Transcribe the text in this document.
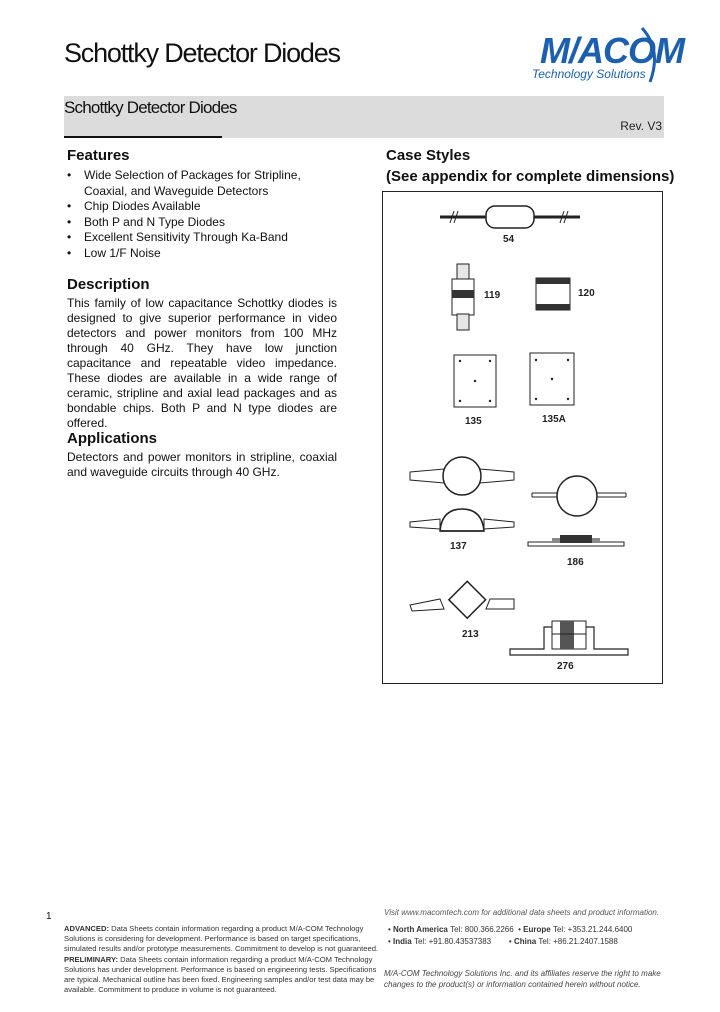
Schottky Detector Diodes	M/ACOM
Technology Solutions
Schottky Detector Diodes
Rev. V3
Features
• Wide Selection of Packages for Stripline, Coaxial, and Waveguide Detectors
• Chip Diodes Available
• Both P and N Type Diodes
• Excellent Sensitivity Through Ka-Band
• Low 1/F Noise
Description
This family of low capacitance Schottky diodes is designed to give superior performance in video detectors and power monitors from 100 MHz through 40 GHz. They have low junction capacitance and repeatable video impedance. These diodes are available in a wide range of ceramic, stripline and axial lead packages and as bondable chips. Both P and N type diodes are offered.
Applications
Detectors and power monitors in stripline, coaxial and waveguide circuits through 40 GHz.
Case Styles
(See appendix for complete dimensions)
54
119	120
135	135A
137
186
213
276
1
ADVANCED: Data Sheets contain information regarding a product M/A-COM Technology Solutions is considering for development. Performance is based on target specifications, simulated results and/or prototype measurements. Commitment to develop is not guaranteed.
PRELIMINARY: Data Sheets contain information regarding a product M/A-COM Technology Solutions has under development. Performance is based on engineering tests. Specifications are typical. Mechanical outline has been fixed. Engineering samples and/or test data may be available. Commitment to produce in volume is not guaranteed.
Visit www.macomtech.com for additional data sheets and product information.
• North America Tel: 800.366.2266  • Europe Tel: +353.21.244.6400
• India Tel: +91.80.43537383        • China Tel: +86.21.2407.1588
M/A-COM Technology Solutions Inc. and its affiliates reserve the right to make changes to the product(s) or information contained herein without notice.
